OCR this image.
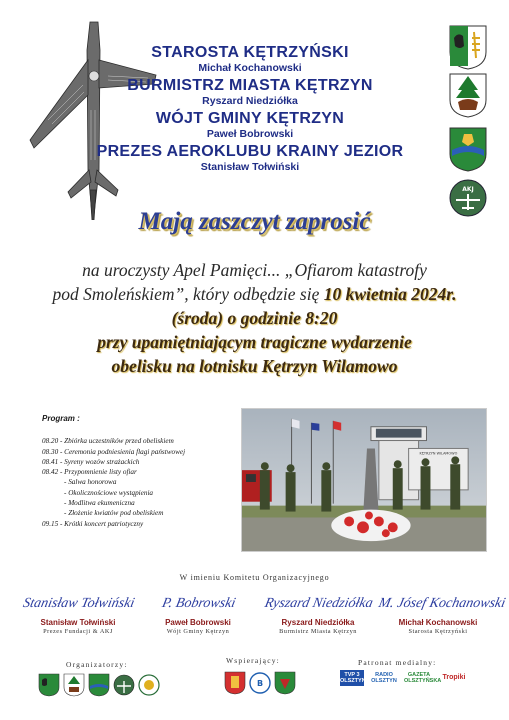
STAROSTA KĘTRZYŃSKI
Michał Kochanowski
BURMISTRZ MIASTA KĘTRZYN
Ryszard Niedziółka
WÓJT GMINY KĘTRZYN
Paweł Bobrowski
PREZES AEROKLUBU KRAINY JEZIOR
Stanisław Tołwiński
AKJ
Mają zaszczyt zaprosić
na uroczysty Apel Pamięci... „Ofiarom katastrofy
pod Smoleńskiem”, który odbędzie się 10 kwietnia 2024r.
(środa) o godzinie 8:20
przy upamiętniającym tragiczne wydarzenie
obelisku na lotnisku Kętrzyn Wilamowo
Program :
08.20 - Zbiórka uczestników przed obeliskiem
08.30 - Ceremonia podniesienia flagi państwowej
08.41 - Syreny wozów strażackich
08.42 - Przypomnienie listy ofiar
- Salwa honorowa
- Okolicznościowe wystąpienia
- Modlitwa ekumeniczna
- Złożenie kwiatów pod obeliskiem
09.15 - Krótki koncert patriotyczny
KĘTRZYN WILAMOWO
W imieniu Komitetu Organizacyjnego
Stanisław Tołwiński
Stanisław Tołwiński
Prezes Fundacji & AKJ
P. Bobrowski
Paweł Bobrowski
Wójt Gminy Kętrzyn
Ryszard Niedziółka
Ryszard Niedziółka
Burmistrz Miasta Kętrzyn
M. Jósef Kochanowski
Michał Kochanowski
Starosta Kętrzyński
Organizatorzy:	Wspierający:
B
Patronat medialny:
TVP 3 OLSZTYN
RADIO OLSZTYN
GAZETA OLSZTYŃSKA Tropiki
